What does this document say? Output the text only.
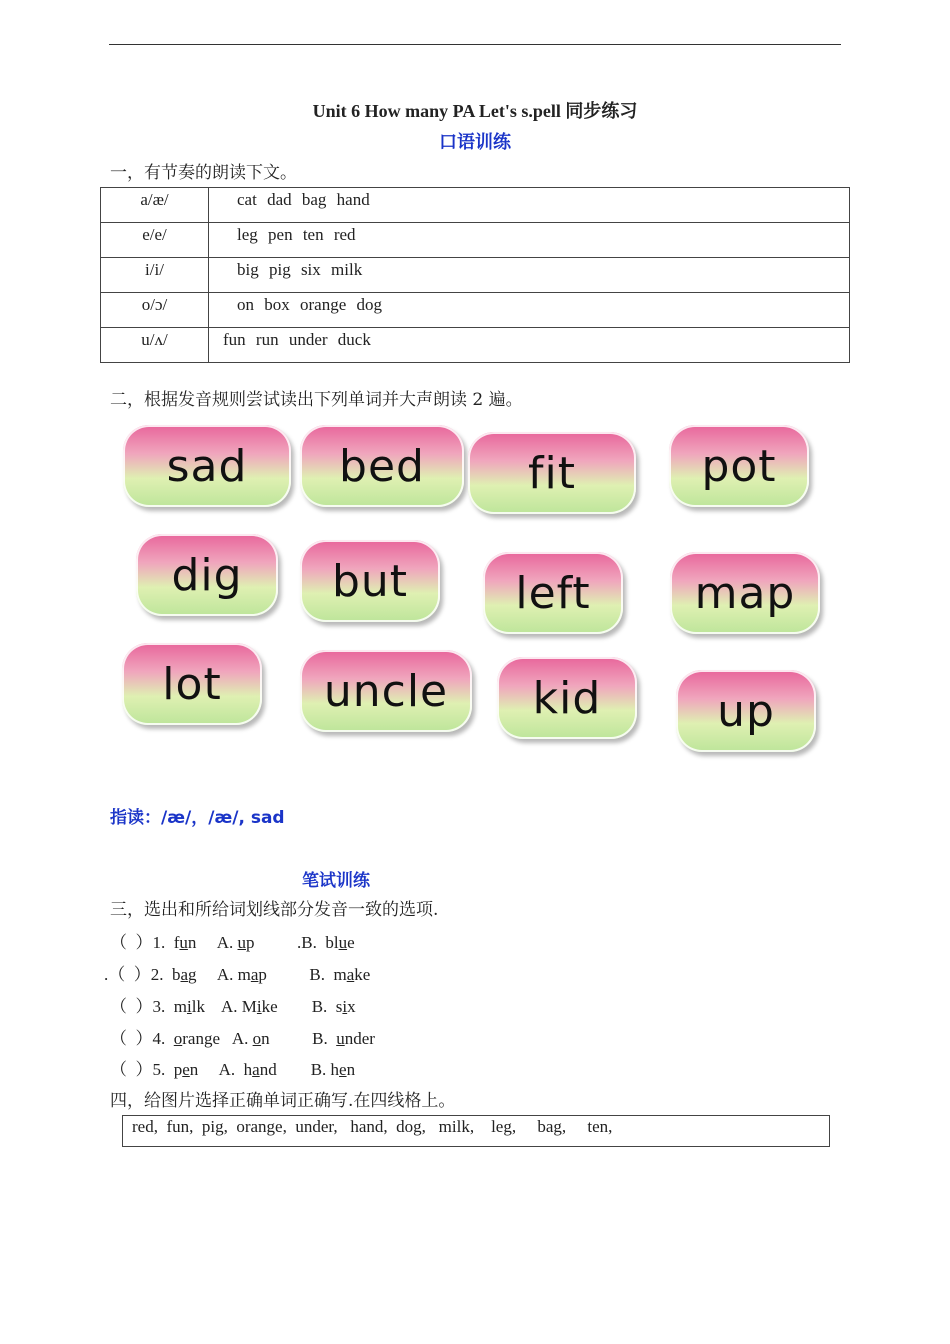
Unit 6 How many PA Let's s.pell 同步练习
口语训练
一，有节奏的朗读下文。
a/æ/	cat dad bag hand
e/e/	leg pen ten red
i/i/	big pig six milk
o/ɔ/	on box orange dog
u/ʌ/	fun run under duck
二，根据发音规则尝试读出下列单词并大声朗读 2 遍。
sad	bed	fit	pot
dig	but	left	map
lot	uncle	kid	up
指读：/æ/，/æ/, sad
笔试训练
三，选出和所给词划线部分发音一致的选项.
（  ）1.  fun     A. up          .B.  blue
.（  ）2.  bag     A. map          B.  make
（  ）3.  milk    A. Mike        B.  six
（  ）4.  orange   A. on          B.  under
（  ）5.  pen     A.  hand        B. hen
四，给图片选择正确单词正确写.在四线格上。
red,  fun,  pig,  orange,  under,   hand,  dog,   milk,    leg,     bag,     ten,
